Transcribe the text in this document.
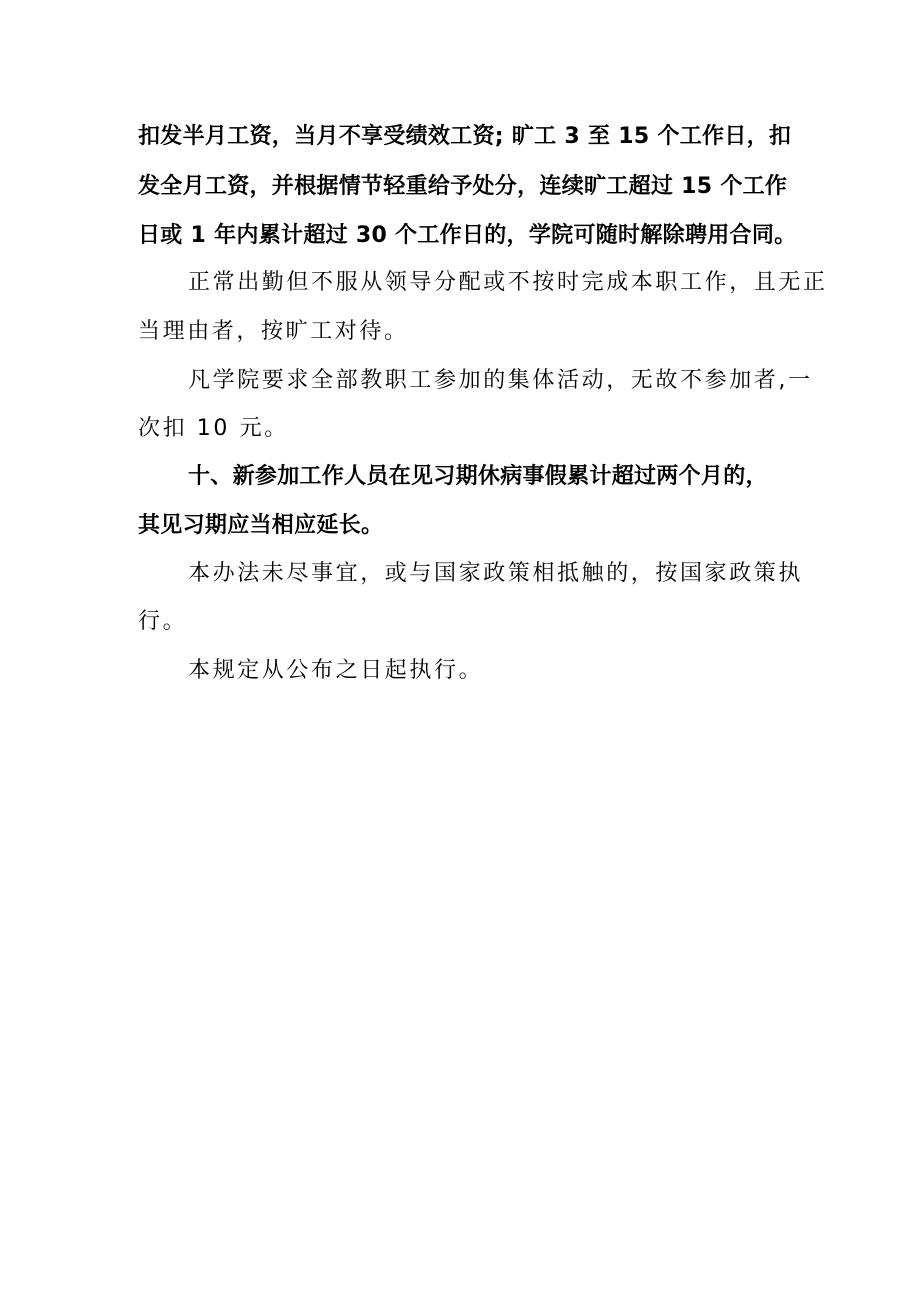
扣发半月工资，当月不享受绩效工资; 旷工 3 至 15 个工作日，扣
发全月工资，并根据情节轻重给予处分，连续旷工超过 15 个工作
日或 1 年内累计超过 30 个工作日的，学院可随时解除聘用合同。
正常出勤但不服从领导分配或不按时完成本职工作，且无正
当理由者，按旷工对待。
凡学院要求全部教职工参加的集体活动，无故不参加者,一
次扣 10 元。
十、新参加工作人员在见习期休病事假累计超过两个月的，
其见习期应当相应延长。
本办法未尽事宜，或与国家政策相抵触的，按国家政策执
行。
本规定从公布之日起执行。
